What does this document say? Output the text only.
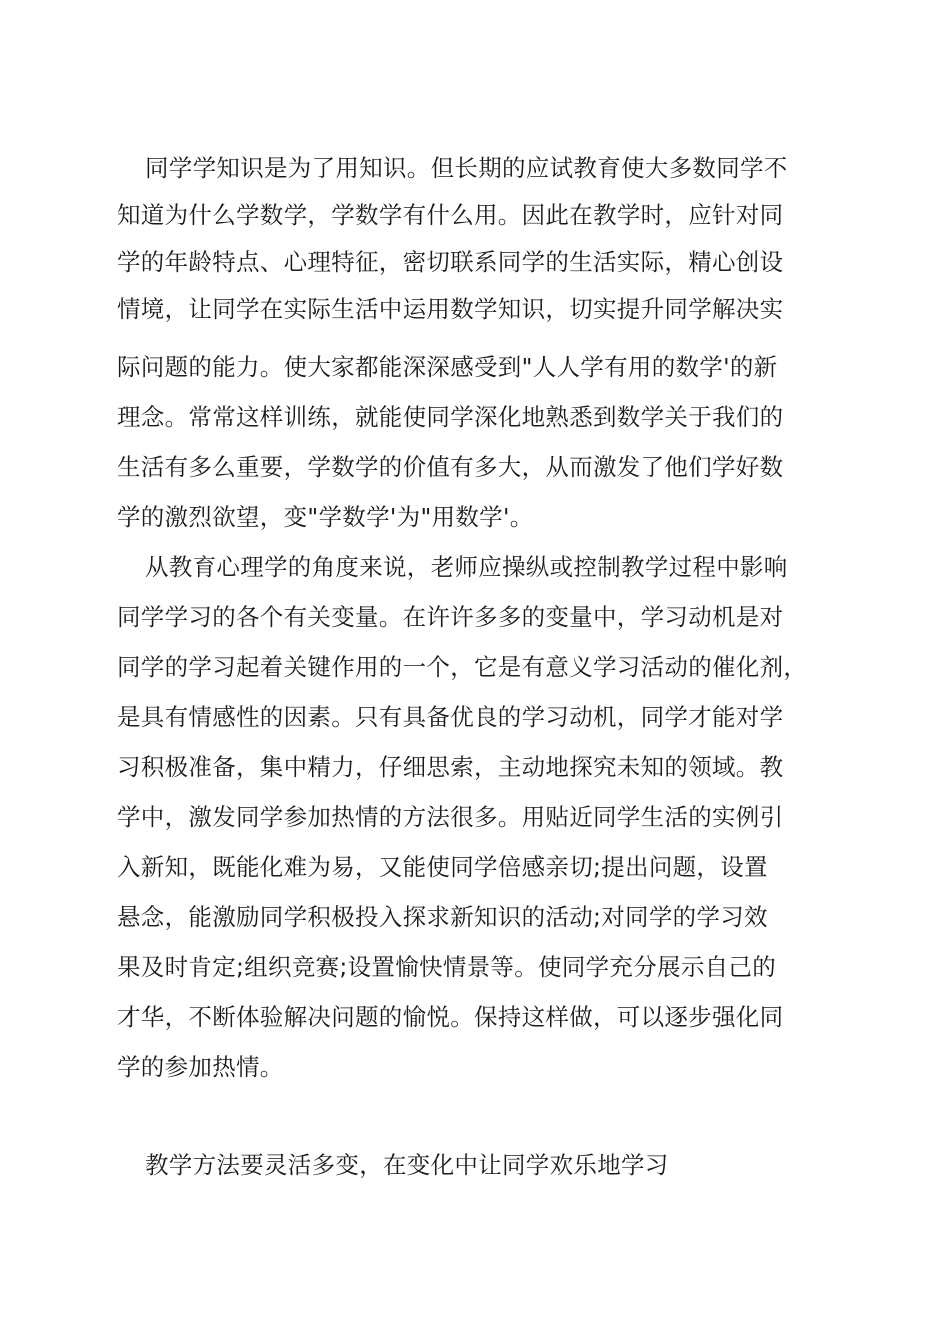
同学学知识是为了用知识。但长期的应试教育使大多数同学不
知道为什么学数学，学数学有什么用。因此在教学时，应针对同
学的年龄特点、心理特征，密切联系同学的生活实际，精心创设
情境，让同学在实际生活中运用数学知识，切实提升同学解决实
际问题的能力。使大家都能深深感受到"人人学有用的数学'的新
理念。常常这样训练，就能使同学深化地熟悉到数学关于我们的
生活有多么重要，学数学的价值有多大，从而激发了他们学好数
学的激烈欲望，变"学数学'为"用数学'。
从教育心理学的角度来说，老师应操纵或控制教学过程中影响
同学学习的各个有关变量。在许许多多的变量中，学习动机是对
同学的学习起着关键作用的一个，它是有意义学习活动的催化剂，
是具有情感性的因素。只有具备优良的学习动机，同学才能对学
习积极准备，集中精力，仔细思索，主动地探究未知的领域。教
学中，激发同学参加热情的方法很多。用贴近同学生活的实例引
入新知，既能化难为易，又能使同学倍感亲切;提出问题，设置
悬念，能激励同学积极投入探求新知识的活动;对同学的学习效
果及时肯定;组织竞赛;设置愉快情景等。使同学充分展示自己的
才华，不断体验解决问题的愉悦。保持这样做，可以逐步强化同
学的参加热情。
教学方法要灵活多变，在变化中让同学欢乐地学习
